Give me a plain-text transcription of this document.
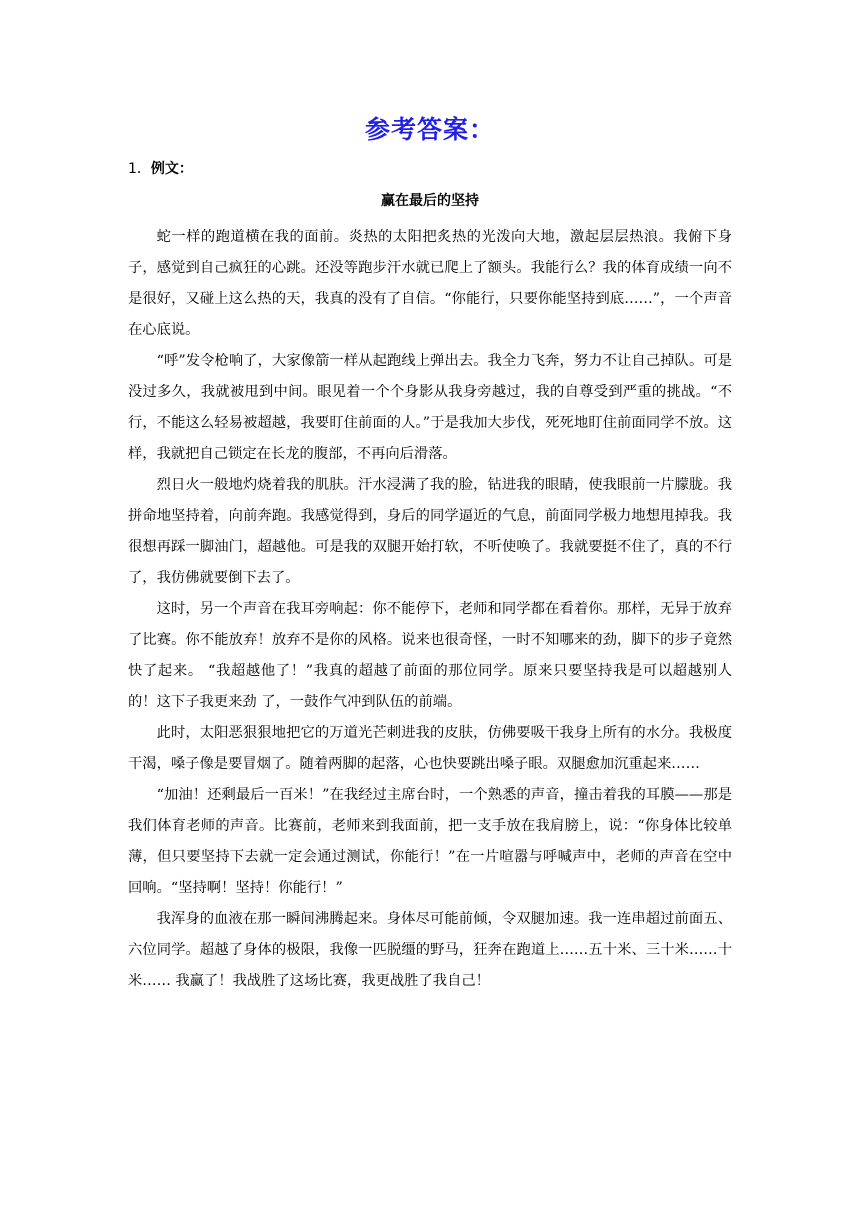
参考答案：
1．例文：
赢在最后的坚持

蛇一样的跑道横在我的面前。炎热的太阳把炙热的光泼向大地，激起层层热浪。我俯下身子，感觉到自己疯狂的心跳。还没等跑步汗水就已爬上了额头。我能行么？我的体育成绩一向不是很好，又碰上这么热的天，我真的没有了自信。“你能行，只要你能坚持到底……”，一个声音在心底说。

“呼”发令枪响了，大家像箭一样从起跑线上弹出去。我全力飞奔，努力不让自己掉队。可是没过多久，我就被甩到中间。眼见着一个个身影从我身旁越过，我的自尊受到严重的挑战。“不行，不能这么轻易被超越，我要盯住前面的人。”于是我加大步伐，死死地盯住前面同学不放。这样，我就把自己锁定在长龙的腹部，不再向后滑落。

烈日火一般地灼烧着我的肌肤。汗水浸满了我的脸，钻进我的眼睛，使我眼前一片朦胧。我拼命地坚持着，向前奔跑。我感觉得到，身后的同学逼近的气息，前面同学极力地想甩掉我。我很想再踩一脚油门，超越他。可是我的双腿开始打软，不听使唤了。我就要挺不住了，真的不行了，我仿佛就要倒下去了。

这时，另一个声音在我耳旁响起：你不能停下，老师和同学都在看着你。那样，无异于放弃了比赛。你不能放弃！放弃不是你的风格。说来也很奇怪，一时不知哪来的劲，脚下的步子竟然快了起来。 “我超越他了！”我真的超越了前面的那位同学。原来只要坚持我是可以超越别人的！这下子我更来劲 了，一鼓作气冲到队伍的前端。

此时，太阳恶狠狠地把它的万道光芒刺进我的皮肤，仿佛要吸干我身上所有的水分。我极度干渴，嗓子像是要冒烟了。随着两脚的起落，心也快要跳出嗓子眼。双腿愈加沉重起来……

“加油！还剩最后一百米！”在我经过主席台时，一个熟悉的声音，撞击着我的耳膜——那是我们体育老师的声音。比赛前，老师来到我面前，把一支手放在我肩膀上，说：“你身体比较单薄，但只要坚持下去就一定会通过测试，你能行！”在一片喧嚣与呼喊声中，老师的声音在空中回响。“坚持啊！坚持！你能行！”

我浑身的血液在那一瞬间沸腾起来。身体尽可能前倾，令双腿加速。我一连串超过前面五、六位同学。超越了身体的极限，我像一匹脱缰的野马，狂奔在跑道上……五十米、三十米……十米…… 我赢了！我战胜了这场比赛，我更战胜了我自己！
